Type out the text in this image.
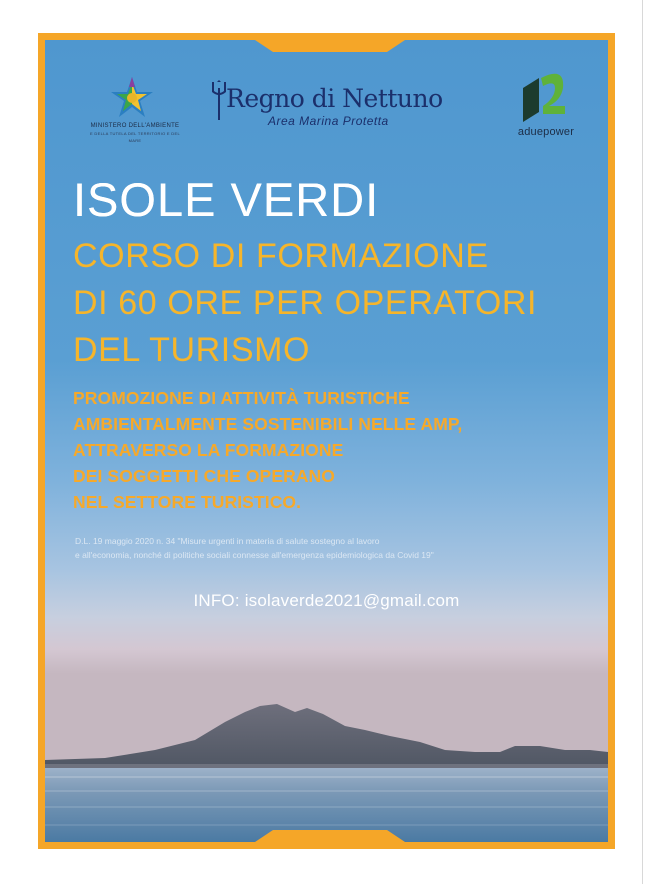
MINISTERO DELL'AMBIENTE
E DELLA TUTELA DEL TERRITORIO E DEL MARE
Regno di Nettuno
Area Marina Protetta
aduepower
ISOLE VERDI
CORSO DI FORMAZIONE
DI 60 ORE PER OPERATORI
DEL TURISMO
PROMOZIONE DI ATTIVITÀ TURISTICHE
AMBIENTALMENTE SOSTENIBILI NELLE AMP,
ATTRAVERSO LA FORMAZIONE
DEI SOGGETTI CHE OPERANO
NEL SETTORE TURISTICO.
D.L. 19 maggio 2020 n. 34 "Misure urgenti in materia di salute sostegno al lavoro
e all'economia, nonché di politiche sociali connesse all'emergenza epidemiologica da Covid 19"
INFO: isolaverde2021@gmail.com
